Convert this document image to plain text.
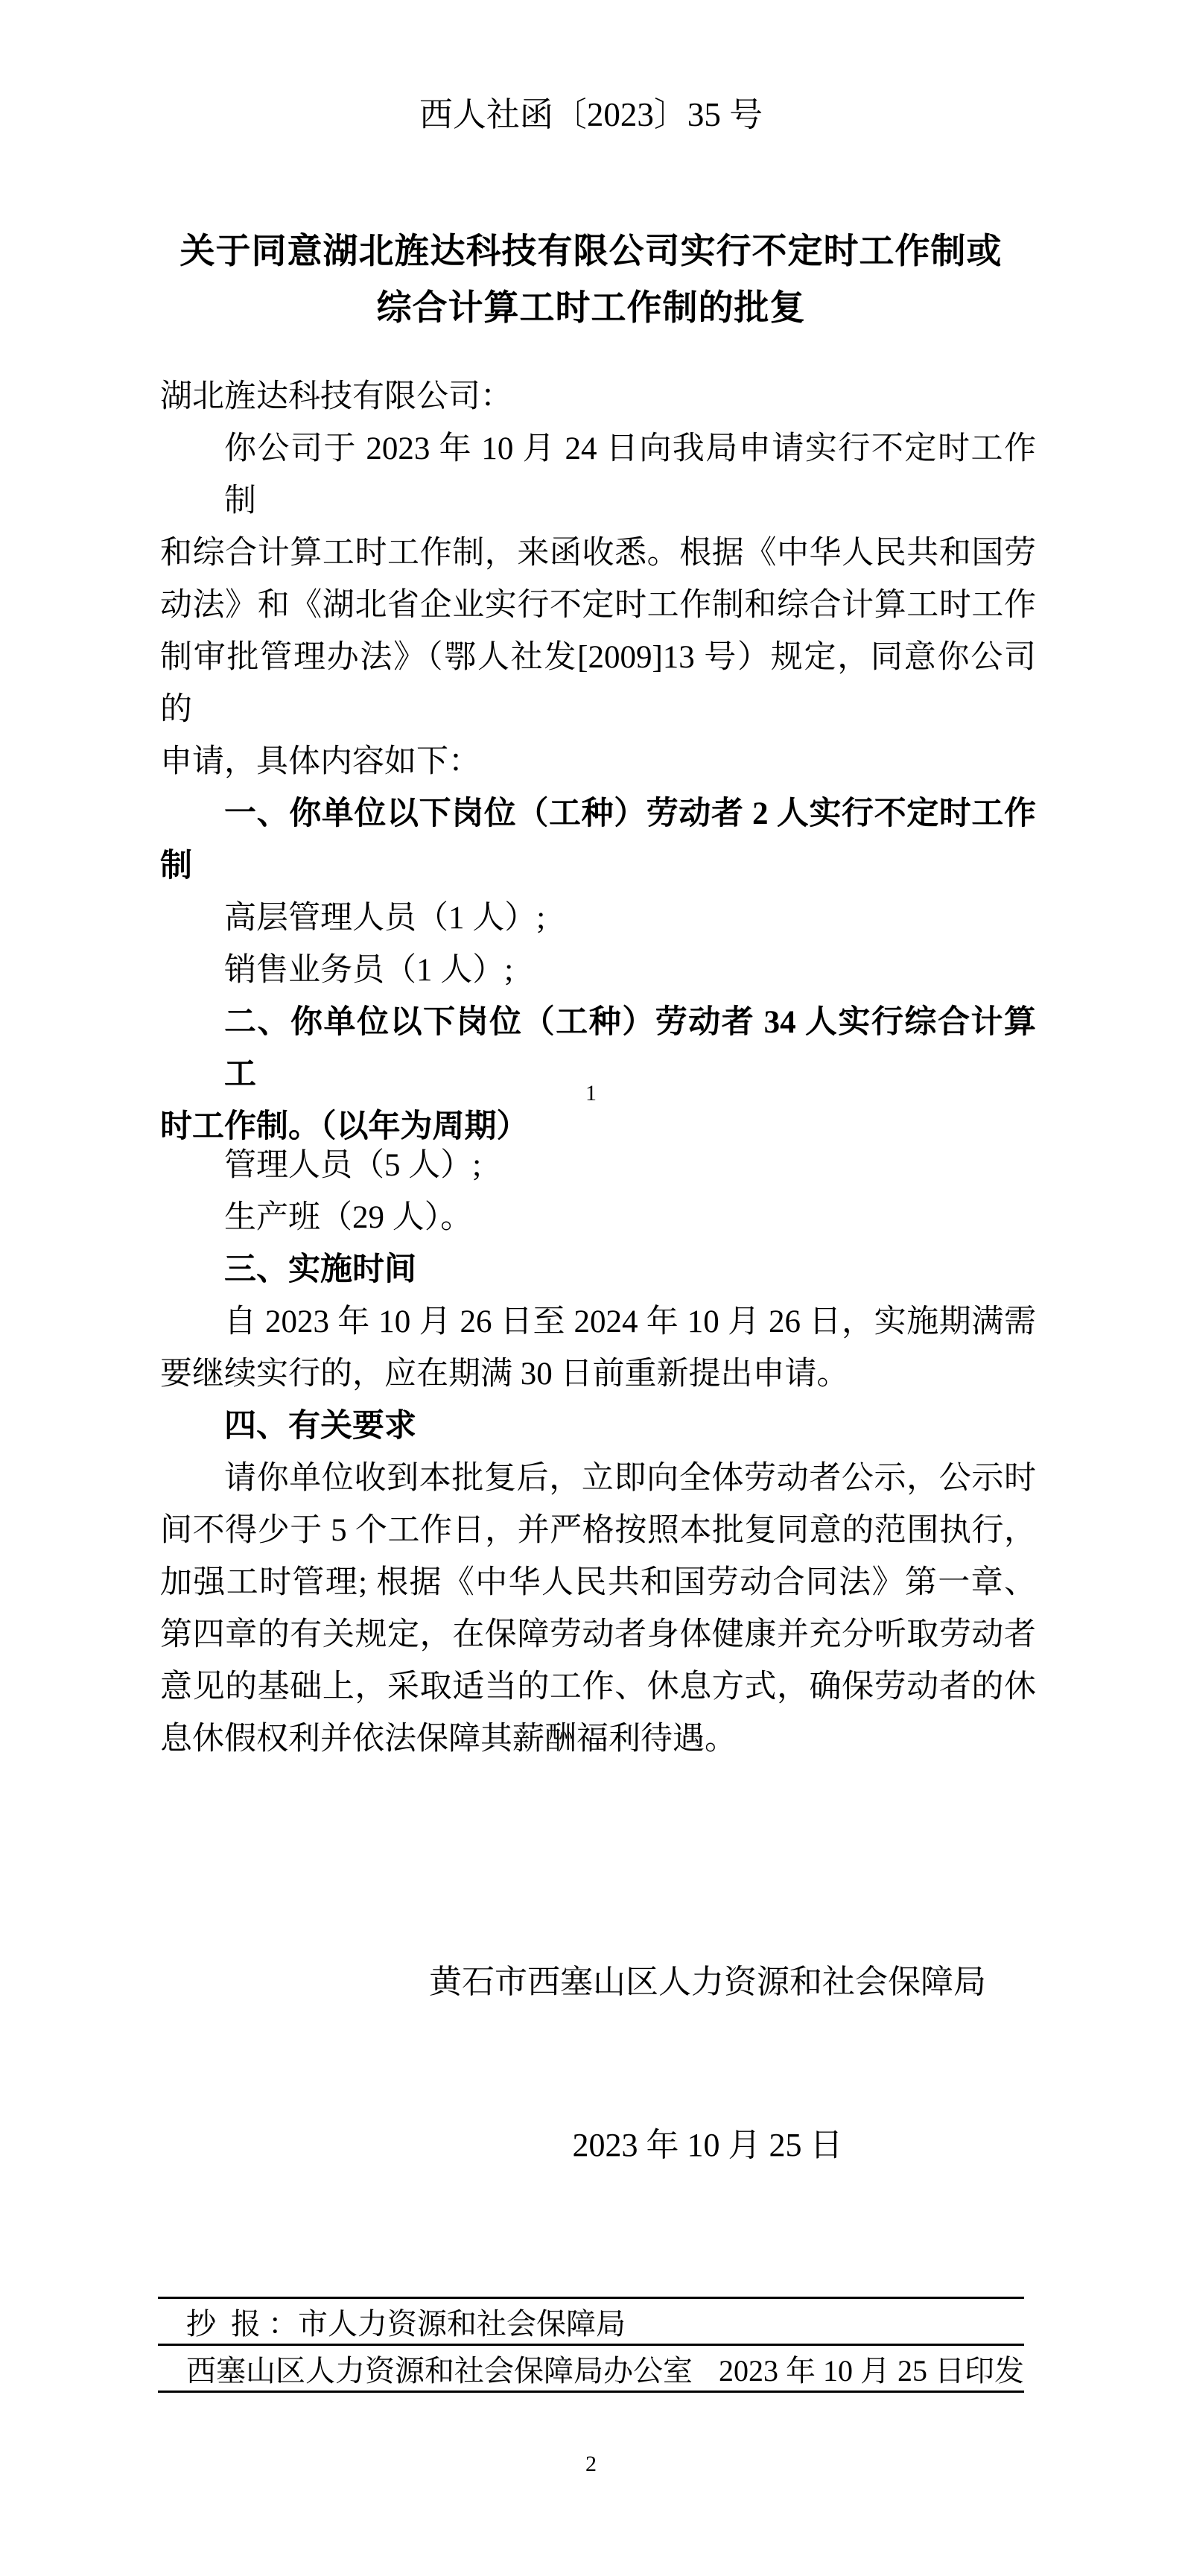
西人社函〔2023〕35 号
关于同意湖北旌达科技有限公司实行不定时工作制或
综合计算工时工作制的批复
湖北旌达科技有限公司：
你公司于 2023 年 10 月 24 日向我局申请实行不定时工作制
和综合计算工时工作制，来函收悉。根据《中华人民共和国劳
动法》和《湖北省企业实行不定时工作制和综合计算工时工作
制审批管理办法》（鄂人社发[2009]13 号）规定，同意你公司的
申请，具体内容如下：
一、你单位以下岗位（工种）劳动者 2 人实行不定时工作
制
高层管理人员（1 人）;
销售业务员（1 人）;
二、你单位以下岗位（工种）劳动者 34 人实行综合计算工
时工作制。（以年为周期）
1
管理人员（5 人）;
生产班（29 人）。
三、实施时间
自 2023 年 10 月 26 日至 2024 年 10 月 26 日，实施期满需
要继续实行的，应在期满 30 日前重新提出申请。
四、有关要求
请你单位收到本批复后，立即向全体劳动者公示，公示时
间不得少于 5 个工作日，并严格按照本批复同意的范围执行，
加强工时管理; 根据《中华人民共和国劳动合同法》第一章、
第四章的有关规定，在保障劳动者身体健康并充分听取劳动者
意见的基础上，采取适当的工作、休息方式，确保劳动者的休
息休假权利并依法保障其薪酬福利待遇。

黄石市西塞山区人力资源和社会保障局

2023 年 10 月 25 日

抄  报 ：市人力资源和社会保障局
西塞山区人力资源和社会保障局办公室 2023 年 10 月 25 日印发
2
